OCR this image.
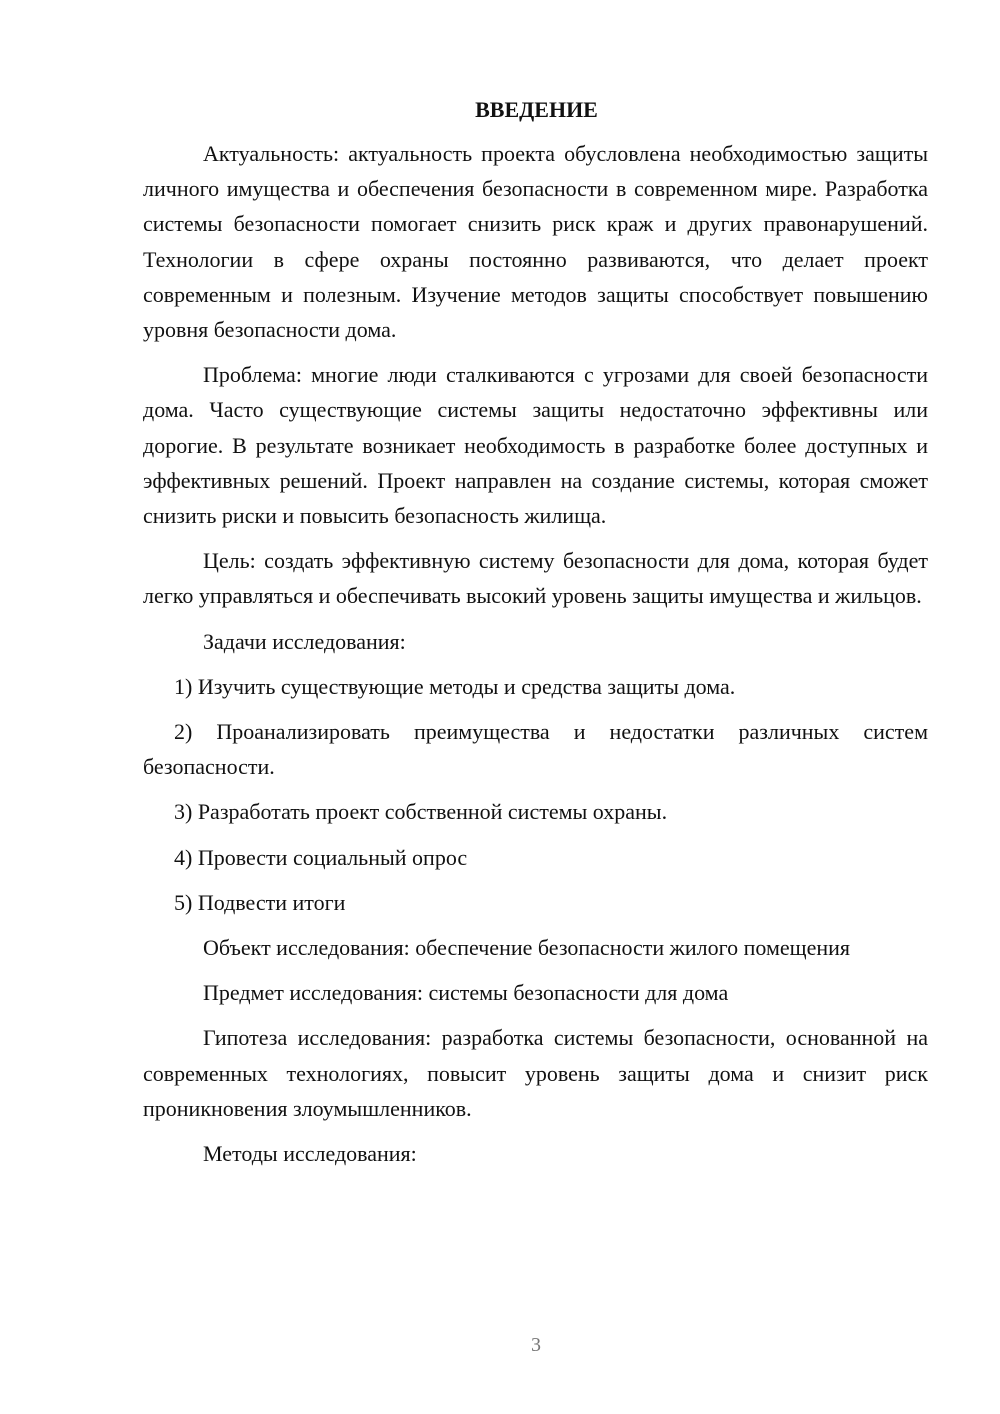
ВВЕДЕНИЕ
Актуальность: актуальность проекта обусловлена необходимостью защиты личного имущества и обеспечения безопасности в современном мире. Разработка системы безопасности помогает снизить риск краж и других правонарушений. Технологии в сфере охраны постоянно развиваются, что делает проект современным и полезным. Изучение методов защиты способствует повышению уровня безопасности дома.
Проблема: многие люди сталкиваются с угрозами для своей безопасности дома. Часто существующие системы защиты недостаточно эффективны или дорогие. В результате возникает необходимость в разработке более доступных и эффективных решений. Проект направлен на создание системы, которая сможет снизить риски и повысить безопасность жилища.
Цель: создать эффективную систему безопасности для дома, которая будет легко управляться и обеспечивать высокий уровень защиты имущества и жильцов.
Задачи исследования:
1) Изучить существующие методы и средства защиты дома.
2) Проанализировать преимущества и недостатки различных систем безопасности.
3) Разработать проект собственной системы охраны.
4) Провести социальный опрос
5) Подвести итоги
Объект исследования: обеспечение безопасности жилого помещения
Предмет исследования: системы безопасности для дома
Гипотеза исследования: разработка системы безопасности, основанной на современных технологиях, повысит уровень защиты дома и снизит риск проникновения злоумышленников.
Методы исследования:
3
